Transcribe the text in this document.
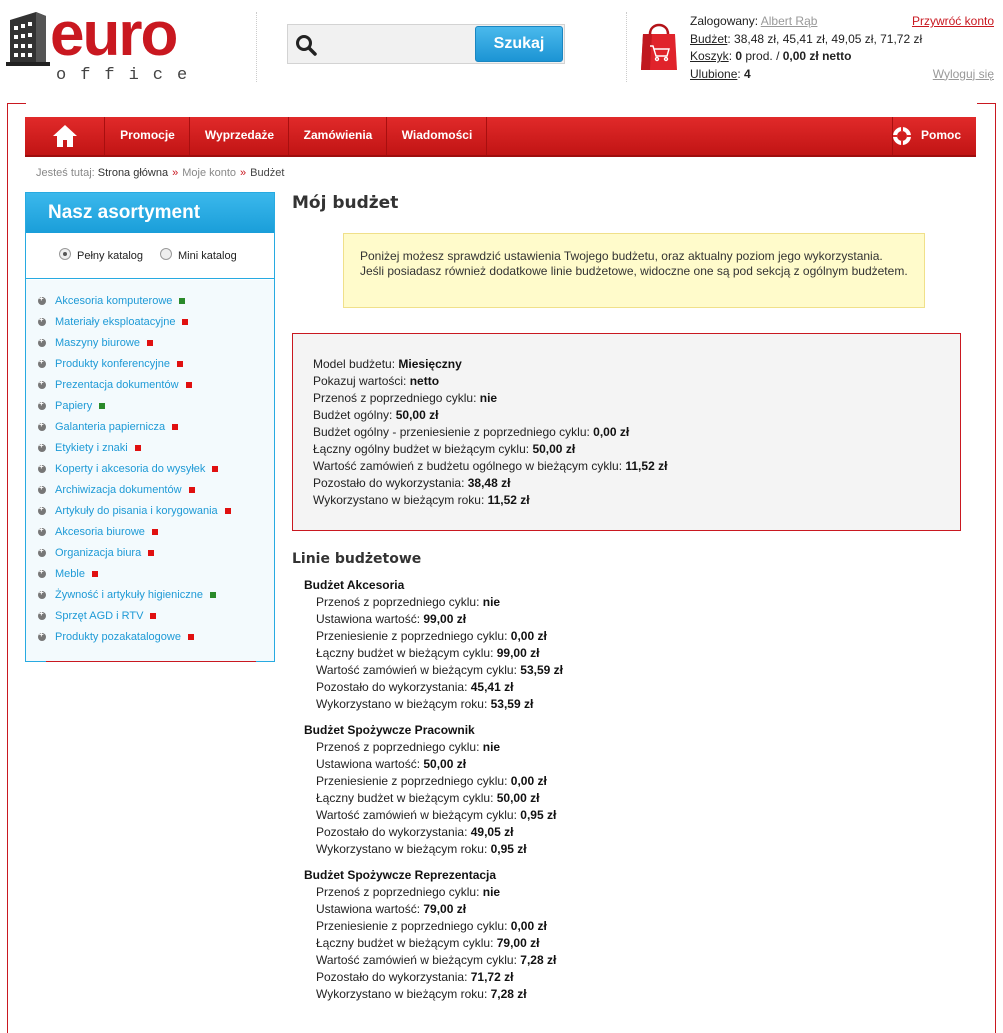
euro
office
Szukaj
Zalogowany: Albert Rąb	Przywróć konto
Budżet: 38,48 zł, 45,41 zł, 49,05 zł, 71,72 zł
Koszyk: 0 prod. / 0,00 zł netto
Ulubione: 4	Wyloguj się
Promocje	Wyprzedaże	Zamówienia	Wiadomości	Pomoc
Jesteś tutaj: Strona główna » Moje konto » Budżet
Nasz asortyment
Pełny katalog	Mini katalog
+Akcesoria komputerowe
+Materiały eksploatacyjne
+Maszyny biurowe
+Produkty konferencyjne
+Prezentacja dokumentów
+Papiery
+Galanteria papiernicza
+Etykiety i znaki
+Koperty i akcesoria do wysyłek
+Archiwizacja dokumentów
+Artykuły do pisania i korygowania
+Akcesoria biurowe
+Organizacja biura
+Meble
+Żywność i artykuły higieniczne
+Sprzęt AGD i RTV
+Produkty pozakatalogowe
Mój budżet
Poniżej możesz sprawdzić ustawienia Twojego budżetu, oraz aktualny poziom jego wykorzystania. Jeśli posiadasz również dodatkowe linie budżetowe, widoczne one są pod sekcją z ogólnym budżetem.
Model budżetu: Miesięczny
Pokazuj wartości: netto
Przenoś z poprzedniego cyklu: nie
Budżet ogólny: 50,00 zł
Budżet ogólny - przeniesienie z poprzedniego cyklu: 0,00 zł
Łączny ogólny budżet w bieżącym cyklu: 50,00 zł
Wartość zamówień z budżetu ogólnego w bieżącym cyklu: 11,52 zł
Pozostało do wykorzystania: 38,48 zł
Wykorzystano w bieżącym roku: 11,52 zł
Linie budżetowe
Budżet Akcesoria
Przenoś z poprzedniego cyklu: nie
Ustawiona wartość: 99,00 zł
Przeniesienie z poprzedniego cyklu: 0,00 zł
Łączny budżet w bieżącym cyklu: 99,00 zł
Wartość zamówień w bieżącym cyklu: 53,59 zł
Pozostało do wykorzystania: 45,41 zł
Wykorzystano w bieżącym roku: 53,59 zł
Budżet Spożywcze Pracownik
Przenoś z poprzedniego cyklu: nie
Ustawiona wartość: 50,00 zł
Przeniesienie z poprzedniego cyklu: 0,00 zł
Łączny budżet w bieżącym cyklu: 50,00 zł
Wartość zamówień w bieżącym cyklu: 0,95 zł
Pozostało do wykorzystania: 49,05 zł
Wykorzystano w bieżącym roku: 0,95 zł
Budżet Spożywcze Reprezentacja
Przenoś z poprzedniego cyklu: nie
Ustawiona wartość: 79,00 zł
Przeniesienie z poprzedniego cyklu: 0,00 zł
Łączny budżet w bieżącym cyklu: 79,00 zł
Wartość zamówień w bieżącym cyklu: 7,28 zł
Pozostało do wykorzystania: 71,72 zł
Wykorzystano w bieżącym roku: 7,28 zł
